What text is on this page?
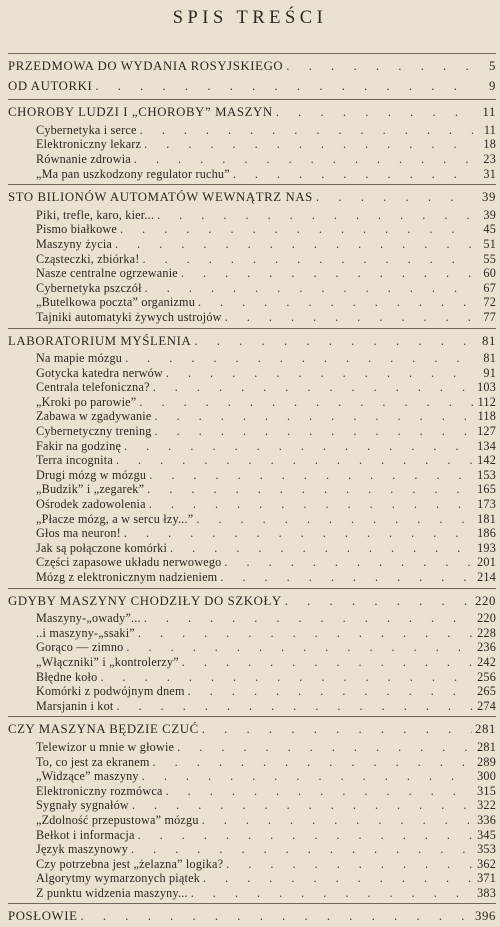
SPIS TREŚCI
PRZEDMOWA DO WYDANIA ROSYJSKIEGO . . .	5
OD AUTORKI . . .	9
CHOROBY LUDZI I „CHOROBY” MASZYN . . .	11
Cybernetyka i serce . . .	11
Elektroniczny lekarz . . .	18
Równanie zdrowia . . .	23
„Ma pan uszkodzony regulator ruchu” . . .	31
STO BILIONÓW AUTOMATÓW WEWNĄTRZ NAS . . .	39
Piki, trefle, karo, kier... . . .	39
Pismo białkowe . . .	45
Maszyny życia . . .	51
Cząsteczki, zbiórka! . . .	55
Nasze centralne ogrzewanie . . .	60
Cybernetyka pszczół . . .	67
„Butelkowa poczta” organizmu . . .	72
Tajniki automatyki żywych ustrojów . . .	77
LABORATORIUM MYŚLENIA . . .	81
Na mapie mózgu . . .	81
Gotycka katedra nerwów . . .	91
Centrala telefoniczna? . . .	103
„Kroki po parowie” . . .	112
Zabawa w zgadywanie . . .	118
Cybernetyczny trening . . .	127
Fakir na godzinę . . .	134
Terra incognita . . .	142
Drugi mózg w mózgu . . .	153
„Budzik” i „zegarek” . . .	165
Ośrodek zadowolenia . . .	173
„Płacze mózg, a w sercu łzy...” . . .	181
Głos ma neuron! . . .	186
Jak są połączone komórki . . .	193
Części zapasowe układu nerwowego . . .	201
Mózg z elektronicznym nadzieniem . . .	214
GDYBY MASZYNY CHODZIŁY DO SZKOŁY . . .	220
Maszyny-„owady”... . . .	220
..i maszyny-„ssaki” . . .	228
Gorąco — zimno . . .	236
„Włączniki” i „kontrolerzy” . . .	242
Błędne koło . . .	256
Komórki z podwójnym dnem . . .	265
Marsjanin i kot . . .	274
CZY MASZYNA BĘDZIE CZUĆ . . .	281
Telewizor u mnie w głowie . . .	281
To, co jest za ekranem . . .	289
„Widzące” maszyny . . .	300
Elektroniczny rozmówca . . .	315
Sygnały sygnałów . . .	322
„Zdolność przepustowa” mózgu . . .	336
Bełkot i informacja . . .	345
Język maszynowy . . .	353
Czy potrzebna jest „żelazna” logika? . . .	362
Algorytmy wymarzonych piątek . . .	371
Z punktu widzenia maszyny... . . .	383
POSŁOWIE . . .	396
